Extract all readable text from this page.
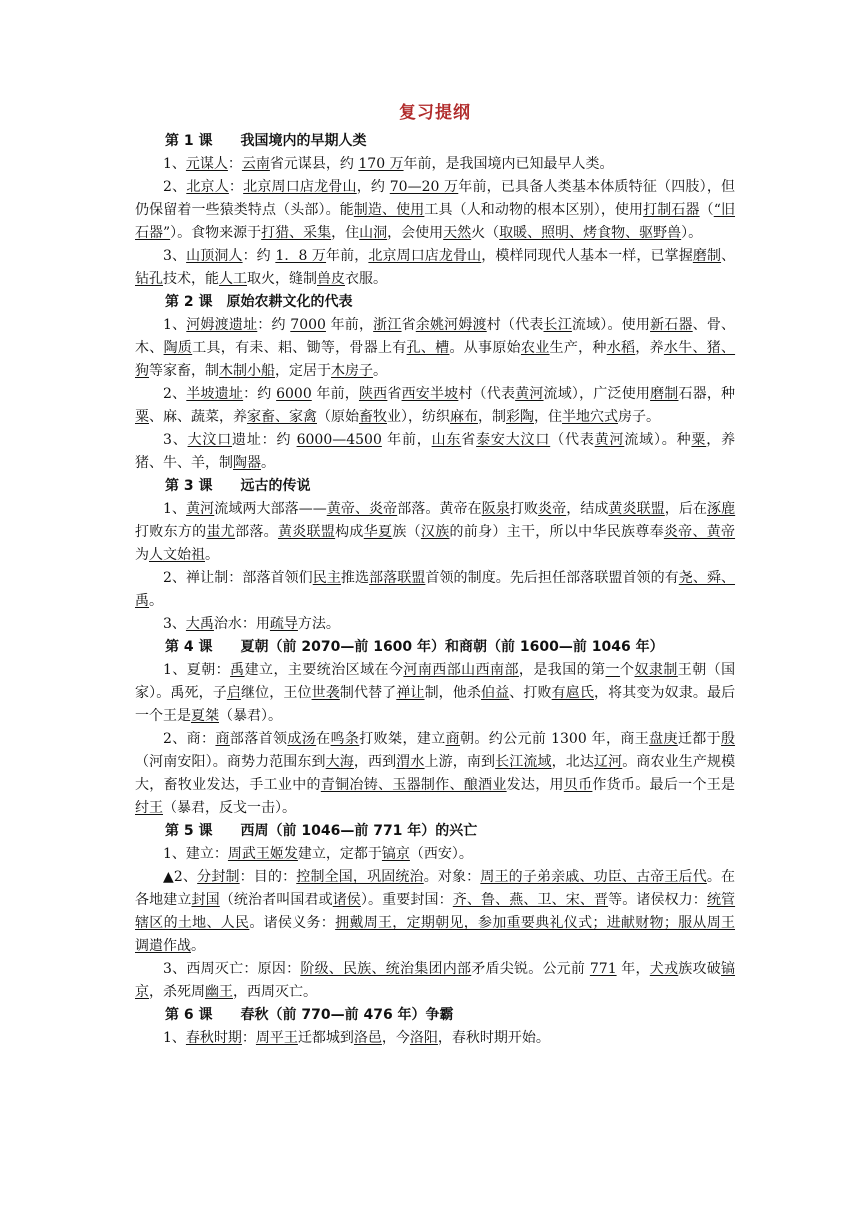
复习提纲
第 1 课　　我国境内的早期人类

1、元谋人：云南省元谋县，约 170 万年前，是我国境内已知最早人类。

2、北京人：北京周口店龙骨山，约 70—20 万年前，已具备人类基本体质特征（四肢），但仍保留着一些猿类特点（头部）。能制造、使用工具（人和动物的根本区别），使用打制石器（“旧石器”）。食物来源于打猎、采集，住山洞，会使用天然火（取暖、照明、烤食物、驱野兽）。

3、山顶洞人：约 1．8 万年前，北京周口店龙骨山，模样同现代人基本一样，已掌握磨制、钻孔技术，能人工取火，缝制兽皮衣服。

第 2 课　原始农耕文化的代表

1、河姆渡遗址：约 7000 年前，浙江省余姚河姆渡村（代表长江流域）。使用新石器、骨、木、陶质工具，有耒、耜、锄等，骨器上有孔、槽。从事原始农业生产，种水稻，养水牛、猪、狗等家畜，制木制小船，定居于木房子。

2、半坡遗址：约 6000 年前，陕西省西安半坡村（代表黄河流域），广泛使用磨制石器，种粟、麻、蔬菜，养家畜、家禽（原始畜牧业），纺织麻布，制彩陶，住半地穴式房子。

3、大汶口遗址：约 6000—4500 年前，山东省泰安大汶口（代表黄河流域）。种粟，养猪、牛、羊，制陶器。

第 3 课　　远古的传说

1、黄河流域两大部落——黄帝、炎帝部落。黄帝在阪泉打败炎帝，结成黄炎联盟，后在涿鹿打败东方的蚩尤部落。黄炎联盟构成华夏族（汉族的前身）主干，所以中华民族尊奉炎帝、黄帝为人文始祖。

2、禅让制：部落首领们民主推选部落联盟首领的制度。先后担任部落联盟首领的有尧、舜、禹。

3、大禹治水：用疏导方法。

第 4 课　　夏朝（前 2070—前 1600 年）和商朝（前 1600—前 1046 年）

1、夏朝：禹建立，主要统治区域在今河南西部山西南部，是我国的第一个奴隶制王朝（国家）。禹死，子启继位，王位世袭制代替了禅让制，他杀伯益、打败有扈氏，将其变为奴隶。最后一个王是夏桀（暴君）。

2、商：商部落首领成汤在鸣条打败桀，建立商朝。约公元前 1300 年，商王盘庚迁都于殷（河南安阳）。商势力范围东到大海，西到渭水上游，南到长江流域，北达辽河。商农业生产规模大，畜牧业发达，手工业中的青铜冶铸、玉器制作、酿酒业发达，用贝币作货币。最后一个王是纣王（暴君，反戈一击）。

第 5 课　　西周（前 1046—前 771 年）的兴亡

1、建立：周武王姬发建立，定都于镐京（西安）。

▲2、分封制：目的：控制全国，巩固统治。对象：周王的子弟亲戚、功臣、古帝王后代。在各地建立封国（统治者叫国君或诸侯）。重要封国：齐、鲁、燕、卫、宋、晋等。诸侯权力：统管辖区的土地、人民。诸侯义务：拥戴周王，定期朝见，参加重要典礼仪式；进献财物；服从周王调遣作战。

3、西周灭亡：原因：阶级、民族、统治集团内部矛盾尖锐。公元前 771 年，犬戎族攻破镐京，杀死周幽王，西周灭亡。

第 6 课　　春秋（前 770—前 476 年）争霸

1、春秋时期：周平王迁都城到洛邑，今洛阳，春秋时期开始。
